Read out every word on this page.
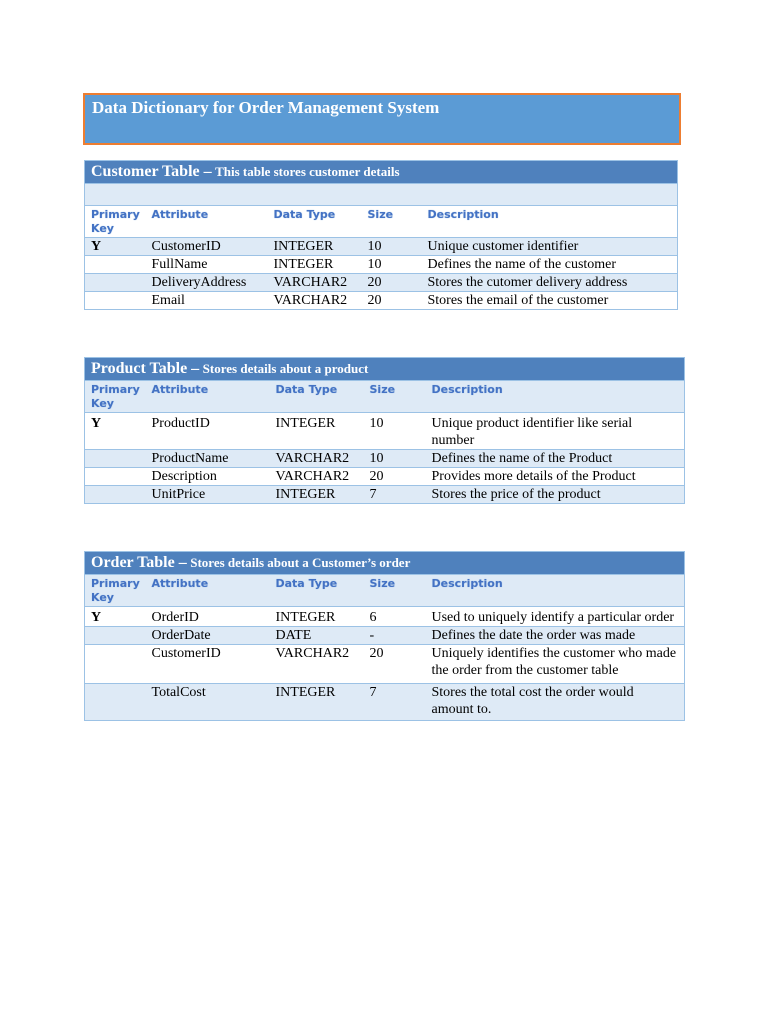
Data Dictionary for Order Management System
Customer Table – This table stores customer details				

Primary Key	Attribute	Data Type	Size	Description
Y	CustomerID	INTEGER	10	Unique customer identifier
	FullName	INTEGER	10	Defines the name of the customer
	DeliveryAddress	VARCHAR2	20	Stores the cutomer delivery address
	Email	VARCHAR2	20	Stores the email of the customer
Product Table – Stores details about a product				
Primary Key	Attribute	Data Type	Size	Description
Y	ProductID	INTEGER	10	Unique product identifier like serial number
	ProductName	VARCHAR2	10	Defines the name of the Product
	Description	VARCHAR2	20	Provides more details of the Product
	UnitPrice	INTEGER	7	Stores the price of the product
Order Table – Stores details about a Customer’s order				
Primary Key	Attribute	Data Type	Size	Description
Y	OrderID	INTEGER	6	Used to uniquely identify a particular order
	OrderDate	DATE	-	Defines the date the order was made
	CustomerID	VARCHAR2	20	Uniquely identifies the customer who made the order from the customer table
	TotalCost	INTEGER	7	Stores the total cost the order would amount to.
